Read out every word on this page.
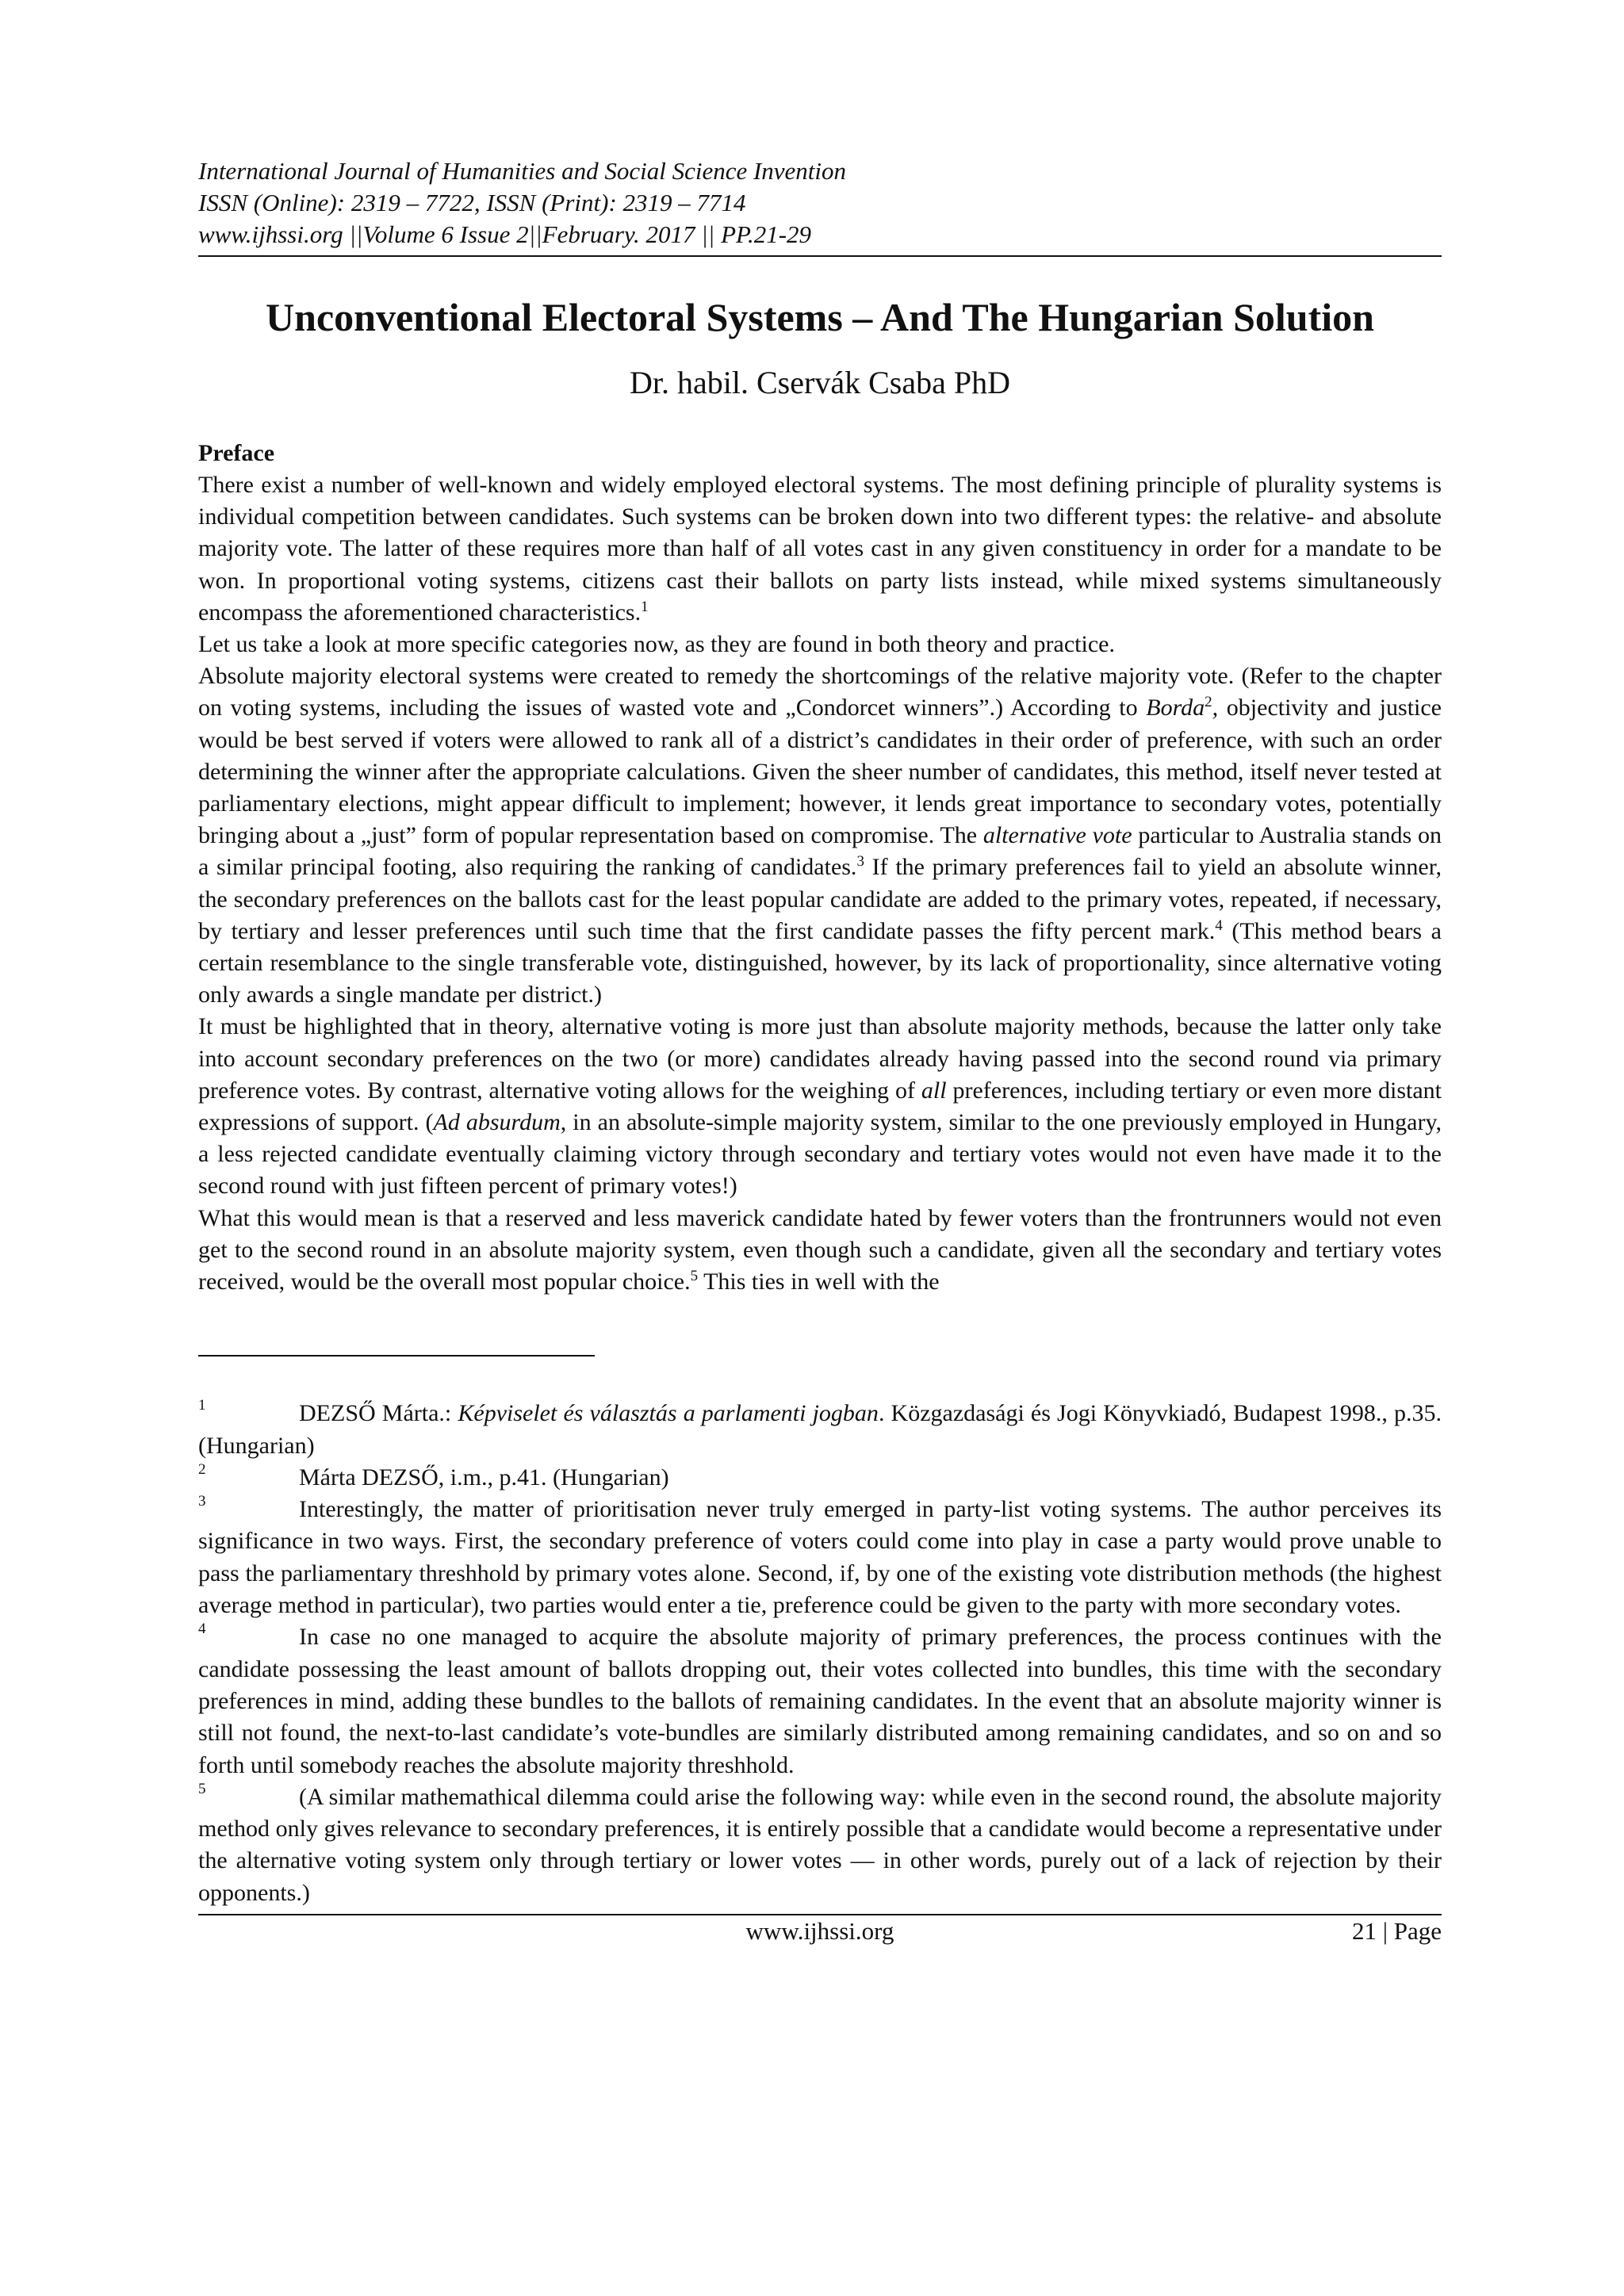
International Journal of Humanities and Social Science Invention
ISSN (Online): 2319 – 7722, ISSN (Print): 2319 – 7714
www.ijhssi.org ||Volume 6 Issue 2||February. 2017 || PP.21-29
Unconventional Electoral Systems – And The Hungarian Solution
Dr. habil. Cservák Csaba PhD
Preface

There exist a number of well-known and widely employed electoral systems. The most defining principle of plurality systems is individual competition between candidates. Such systems can be broken down into two different types: the relative- and absolute majority vote. The latter of these requires more than half of all votes cast in any given constituency in order for a mandate to be won. In proportional voting systems, citizens cast their ballots on party lists instead, while mixed systems simultaneously encompass the aforementioned characteristics.$^1$

Let us take a look at more specific categories now, as they are found in both theory and practice.

Absolute majority electoral systems were created to remedy the shortcomings of the relative majority vote. (Refer to the chapter on voting systems, including the issues of wasted vote and „Condorcet winners”.) According to Borda$^2$, objectivity and justice would be best served if voters were allowed to rank all of a district’s candidates in their order of preference, with such an order determining the winner after the appropriate calculations. Given the sheer number of candidates, this method, itself never tested at parliamentary elections, might appear difficult to implement; however, it lends great importance to secondary votes, potentially bringing about a „just” form of popular representation based on compromise. The alternative vote particular to Australia stands on a similar principal footing, also requiring the ranking of candidates.$^3$ If the primary preferences fail to yield an absolute winner, the secondary preferences on the ballots cast for the least popular candidate are added to the primary votes, repeated, if necessary, by tertiary and lesser preferences until such time that the first candidate passes the fifty percent mark.$^4$ (This method bears a certain resemblance to the single transferable vote, distinguished, however, by its lack of proportionality, since alternative voting only awards a single mandate per district.)

It must be highlighted that in theory, alternative voting is more just than absolute majority methods, because the latter only take into account secondary preferences on the two (or more) candidates already having passed into the second round via primary preference votes. By contrast, alternative voting allows for the weighing of all preferences, including tertiary or even more distant expressions of support. (Ad absurdum, in an absolute-simple majority system, similar to the one previously employed in Hungary, a less rejected candidate eventually claiming victory through secondary and tertiary votes would not even have made it to the second round with just fifteen percent of primary votes!)

What this would mean is that a reserved and less maverick candidate hated by fewer voters than the frontrunners would not even get to the second round in an absolute majority system, even though such a candidate, given all the secondary and tertiary votes received, would be the overall most popular choice.$^5$ This ties in well with the

1	DEZSŐ Márta.: Képviselet és választás a parlamenti jogban. Közgazdasági és Jogi Könyvkiadó, Budapest 1998., p.35. (Hungarian)
2	Márta DEZSŐ, i.m., p.41. (Hungarian)
3	Interestingly, the matter of prioritisation never truly emerged in party-list voting systems. The author perceives its significance in two ways. First, the secondary preference of voters could come into play in case a party would prove unable to pass the parliamentary threshhold by primary votes alone. Second, if, by one of the existing vote distribution methods (the highest average method in particular), two parties would enter a tie, preference could be given to the party with more secondary votes.
4	In case no one managed to acquire the absolute majority of primary preferences, the process continues with the candidate possessing the least amount of ballots dropping out, their votes collected into bundles, this time with the secondary preferences in mind, adding these bundles to the ballots of remaining candidates. In the event that an absolute majority winner is still not found, the next-to-last candidate’s vote-bundles are similarly distributed among remaining candidates, and so on and so forth until somebody reaches the absolute majority threshhold.
5	(A similar mathemathical dilemma could arise the following way: while even in the second round, the absolute majority method only gives relevance to secondary preferences, it is entirely possible that a candidate would become a representative under the alternative voting system only through tertiary or lower votes — in other words, purely out of a lack of rejection by their opponents.)
www.ijhssi.org	21 | Page
